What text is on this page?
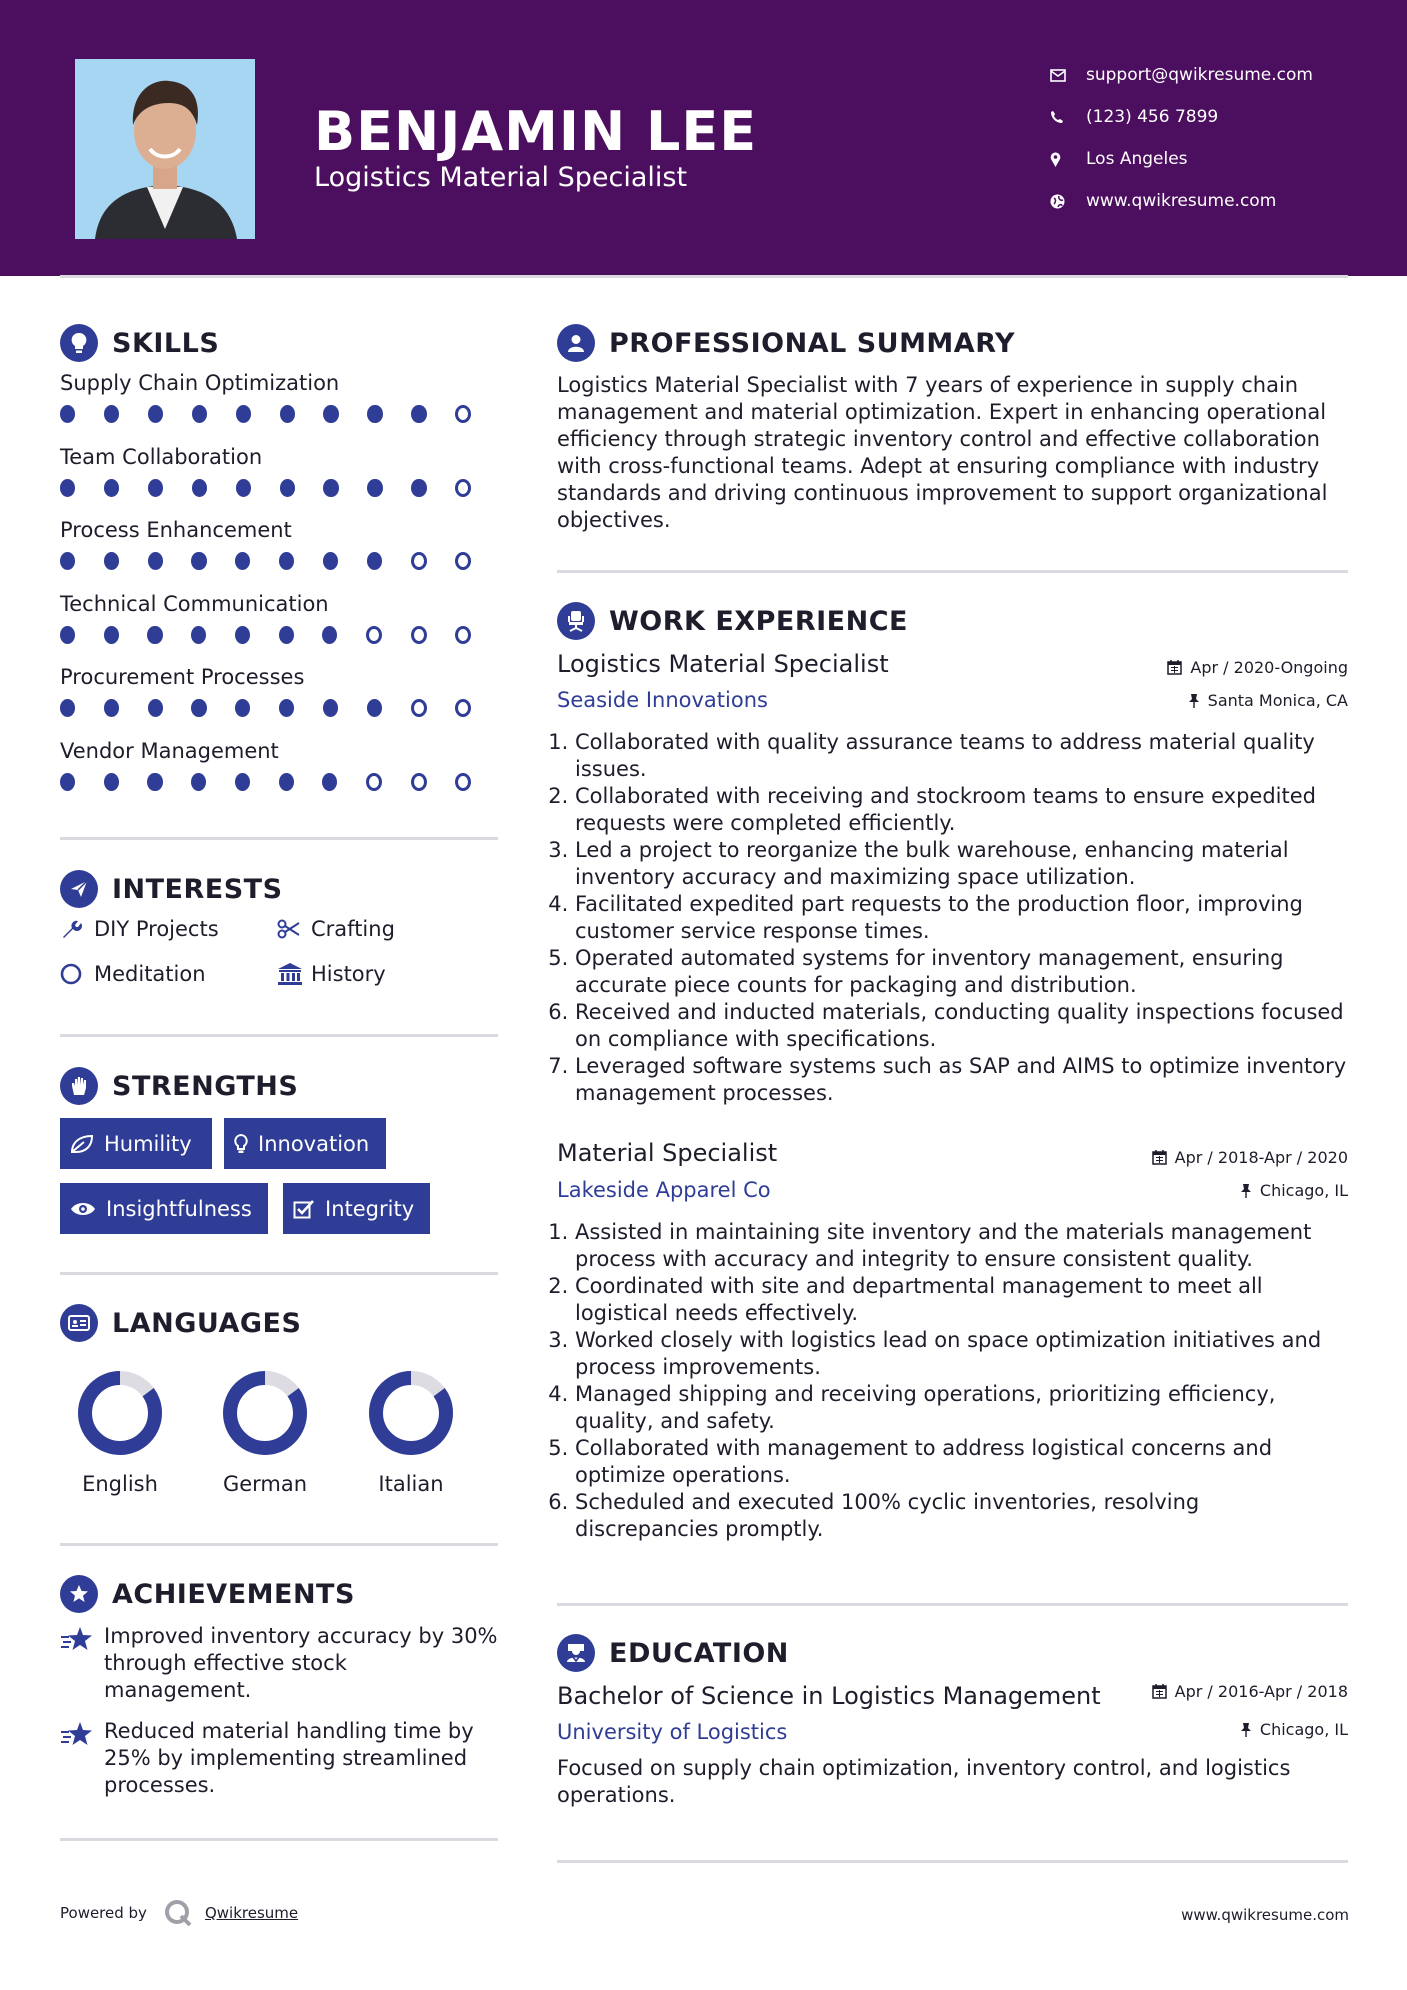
BENJAMIN LEE
Logistics Material Specialist
support@qwikresume.com
(123) 456 7899
Los Angeles
www.qwikresume.com
SKILLS
Supply Chain Optimization
Team Collaboration
Process Enhancement
Technical Communication
Procurement Processes
Vendor Management
INTERESTS
DIY Projects	Crafting
Meditation	History
STRENGTHS
Humility	Innovation
Insightfulness	Integrity
LANGUAGES
English	German	Italian
ACHIEVEMENTS
Improved inventory accuracy by 30% through effective stock management.
Reduced material handling time by 25% by implementing streamlined processes.
PROFESSIONAL SUMMARY
Logistics Material Specialist with 7 years of experience in supply chain management and material optimization. Expert in enhancing operational efficiency through strategic inventory control and effective collaboration with cross-functional teams. Adept at ensuring compliance with industry standards and driving continuous improvement to support organizational objectives.
WORK EXPERIENCE
Logistics Material Specialist	Apr / 2020-Ongoing
Seaside Innovations	Santa Monica, CA
1. Collaborated with quality assurance teams to address material quality issues.
2. Collaborated with receiving and stockroom teams to ensure expedited requests were completed efficiently.
3. Led a project to reorganize the bulk warehouse, enhancing material inventory accuracy and maximizing space utilization.
4. Facilitated expedited part requests to the production floor, improving customer service response times.
5. Operated automated systems for inventory management, ensuring accurate piece counts for packaging and distribution.
6. Received and inducted materials, conducting quality inspections focused on compliance with specifications.
7. Leveraged software systems such as SAP and AIMS to optimize inventory management processes.
Material Specialist	Apr / 2018-Apr / 2020
Lakeside Apparel Co	Chicago, IL
1. Assisted in maintaining site inventory and the materials management process with accuracy and integrity to ensure consistent quality.
2. Coordinated with site and departmental management to meet all logistical needs effectively.
3. Worked closely with logistics lead on space optimization initiatives and process improvements.
4. Managed shipping and receiving operations, prioritizing efficiency, quality, and safety.
5. Collaborated with management to address logistical concerns and optimize operations.
6. Scheduled and executed 100% cyclic inventories, resolving discrepancies promptly.
EDUCATION
Bachelor of Science in Logistics Management	Apr / 2016-Apr / 2018
University of Logistics	Chicago, IL
Focused on supply chain optimization, inventory control, and logistics operations.
Powered by	Qwikresume	www.qwikresume.com
